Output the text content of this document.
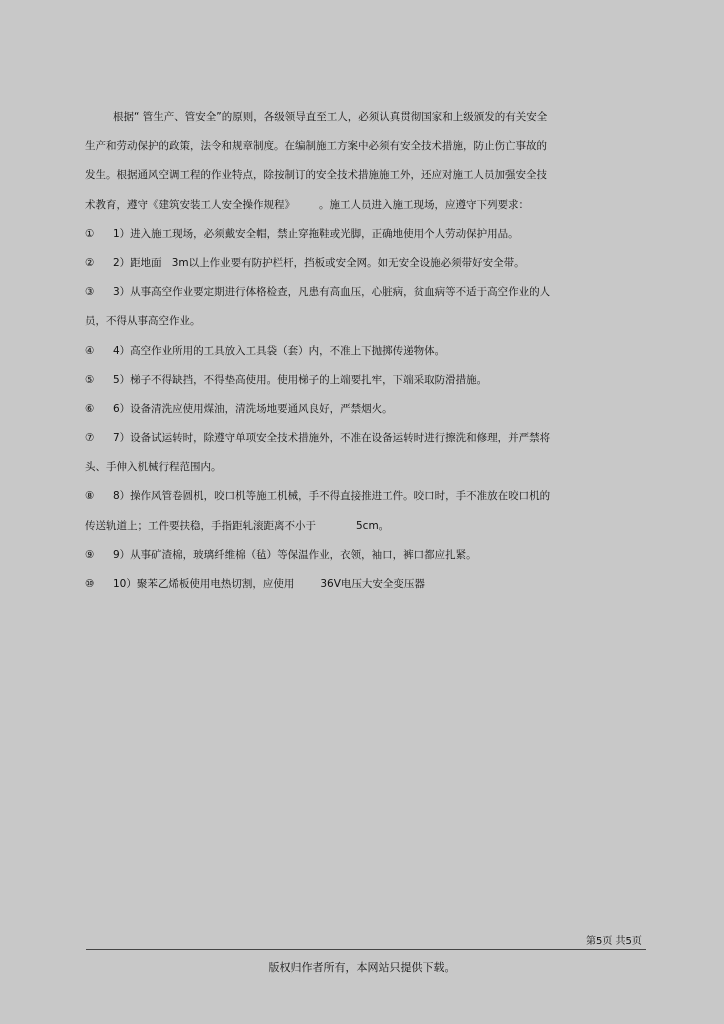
根据“ 管生产、管安全”的原则，各级领导直至工人，必须认真贯彻国家和上级颁发的有关安全
生产和劳动保护的政策，法令和规章制度。在编制施工方案中必须有安全技术措施，防止伤亡事故的
发生。根据通风空调工程的作业特点，除按制订的安全技术措施施工外，还应对施工人员加强安全技
术教育，遵守《建筑安装工人安全操作规程》 。施工人员进入施工现场，应遵守下列要求：
① 1）进入施工现场，必须戴安全帽，禁止穿拖鞋或光脚，正确地使用个人劳动保护用品。
② 2）距地面 3m以上作业要有防护栏杆，挡板或安全网。如无安全设施必须带好安全带。
③ 3）从事高空作业要定期进行体格检查，凡患有高血压，心脏病，贫血病等不适于高空作业的人
员，不得从事高空作业。
④ 4）高空作业所用的工具放入工具袋（套）内，不准上下抛掷传递物体。
⑤ 5）梯子不得缺挡，不得垫高使用。使用梯子的上端要扎牢，下端采取防滑措施。
⑥ 6）设备清洗应使用煤油，清洗场地要通风良好，严禁烟火。
⑦ 7）设备试运转时，除遵守单项安全技术措施外，不准在设备运转时进行擦洗和修理，并严禁将
头、手伸入机械行程范围内。
⑧ 8）操作风管卷圆机，咬口机等施工机械，手不得直接推进工件。咬口时，手不准放在咬口机的
传送轨道上；工件要扶稳，手指距轧滚距离不小于	5cm。
⑨ 9）从事矿渣棉，玻璃纤维棉（毡）等保温作业，衣领，袖口，裤口都应扎紧。
⑩ 10）聚苯乙烯板使用电热切割，应使用 36V电压大安全变压器
第5页 共5页
版权归作者所有，本网站只提供下载。
